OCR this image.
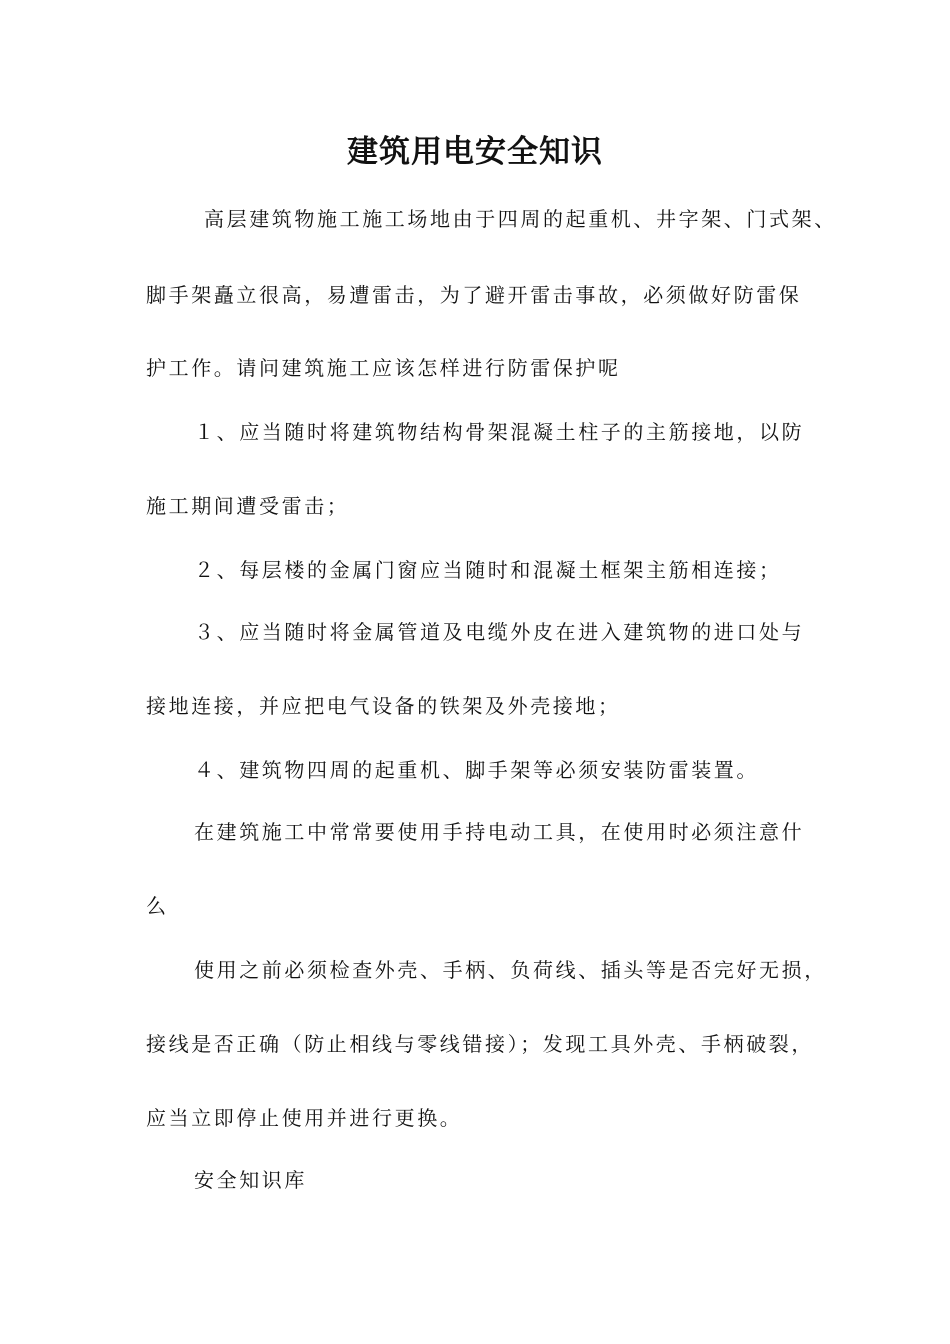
建筑用电安全知识
高层建筑物施工施工场地由于四周的起重机、井字架、门式架、
脚手架矗立很高，易遭雷击，为了避开雷击事故，必须做好防雷保
护工作。请问建筑施工应该怎样进行防雷保护呢
１、应当随时将建筑物结构骨架混凝土柱子的主筋接地，以防
施工期间遭受雷击；
２、每层楼的金属门窗应当随时和混凝土框架主筋相连接；
３、应当随时将金属管道及电缆外皮在进入建筑物的进口处与
接地连接，并应把电气设备的铁架及外壳接地；
４、建筑物四周的起重机、脚手架等必须安装防雷装置。
在建筑施工中常常要使用手持电动工具，在使用时必须注意什
么
使用之前必须检查外壳、手柄、负荷线、插头等是否完好无损，
接线是否正确（防止相线与零线错接）；发现工具外壳、手柄破裂，
应当立即停止使用并进行更换。
安全知识库
